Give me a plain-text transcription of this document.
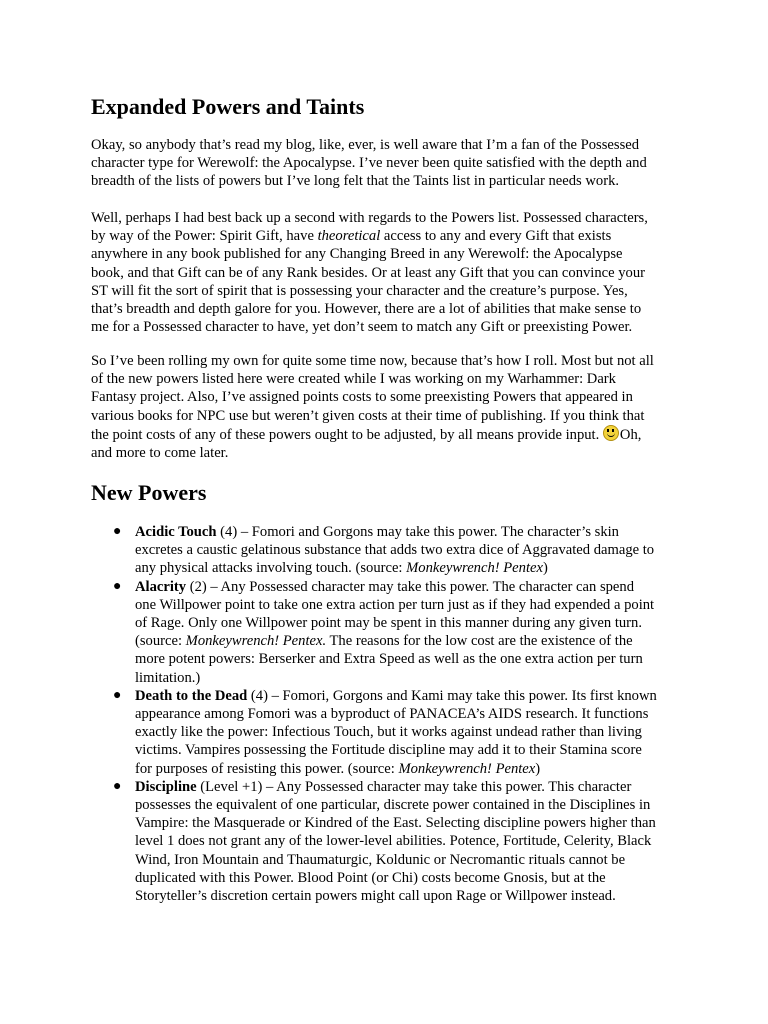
Expanded Powers and Taints
Okay, so anybody that’s read my blog, like, ever, is well aware that I’m a fan of the Possessed
character type for Werewolf: the Apocalypse. I’ve never been quite satisfied with the depth and
breadth of the lists of powers but I’ve long felt that the Taints list in particular needs work.
Well, perhaps I had best back up a second with regards to the Powers list. Possessed characters,
by way of the Power: Spirit Gift, have theoretical access to any and every Gift that exists
anywhere in any book published for any Changing Breed in any Werewolf: the Apocalypse
book, and that Gift can be of any Rank besides. Or at least any Gift that you can convince your
ST will fit the sort of spirit that is possessing your character and the creature’s purpose. Yes,
that’s breadth and depth galore for you. However, there are a lot of abilities that make sense to
me for a Possessed character to have, yet don’t seem to match any Gift or preexisting Power.
So I’ve been rolling my own for quite some time now, because that’s how I roll. Most but not all
of the new powers listed here were created while I was working on my Warhammer: Dark
Fantasy project. Also, I’ve assigned points costs to some preexisting Powers that appeared in
various books for NPC use but weren’t given costs at their time of publishing. If you think that
the point costs of any of these powers ought to be adjusted, by all means provide input. Oh,
and more to come later.
New Powers
● Acidic Touch (4) – Fomori and Gorgons may take this power. The character’s skin
excretes a caustic gelatinous substance that adds two extra dice of Aggravated damage to
any physical attacks involving touch. (source: Monkeywrench! Pentex)
● Alacrity (2) – Any Possessed character may take this power. The character can spend
one Willpower point to take one extra action per turn just as if they had expended a point
of Rage. Only one Willpower point may be spent in this manner during any given turn.
(source: Monkeywrench! Pentex. The reasons for the low cost are the existence of the
more potent powers: Berserker and Extra Speed as well as the one extra action per turn
limitation.)
● Death to the Dead (4) – Fomori, Gorgons and Kami may take this power. Its first known
appearance among Fomori was a byproduct of PANACEA’s AIDS research. It functions
exactly like the power: Infectious Touch, but it works against undead rather than living
victims. Vampires possessing the Fortitude discipline may add it to their Stamina score
for purposes of resisting this power. (source: Monkeywrench! Pentex)
● Discipline (Level +1) – Any Possessed character may take this power. This character
possesses the equivalent of one particular, discrete power contained in the Disciplines in
Vampire: the Masquerade or Kindred of the East. Selecting discipline powers higher than
level 1 does not grant any of the lower-level abilities. Potence, Fortitude, Celerity, Black
Wind, Iron Mountain and Thaumaturgic, Koldunic or Necromantic rituals cannot be
duplicated with this Power. Blood Point (or Chi) costs become Gnosis, but at the
Storyteller’s discretion certain powers might call upon Rage or Willpower instead.
